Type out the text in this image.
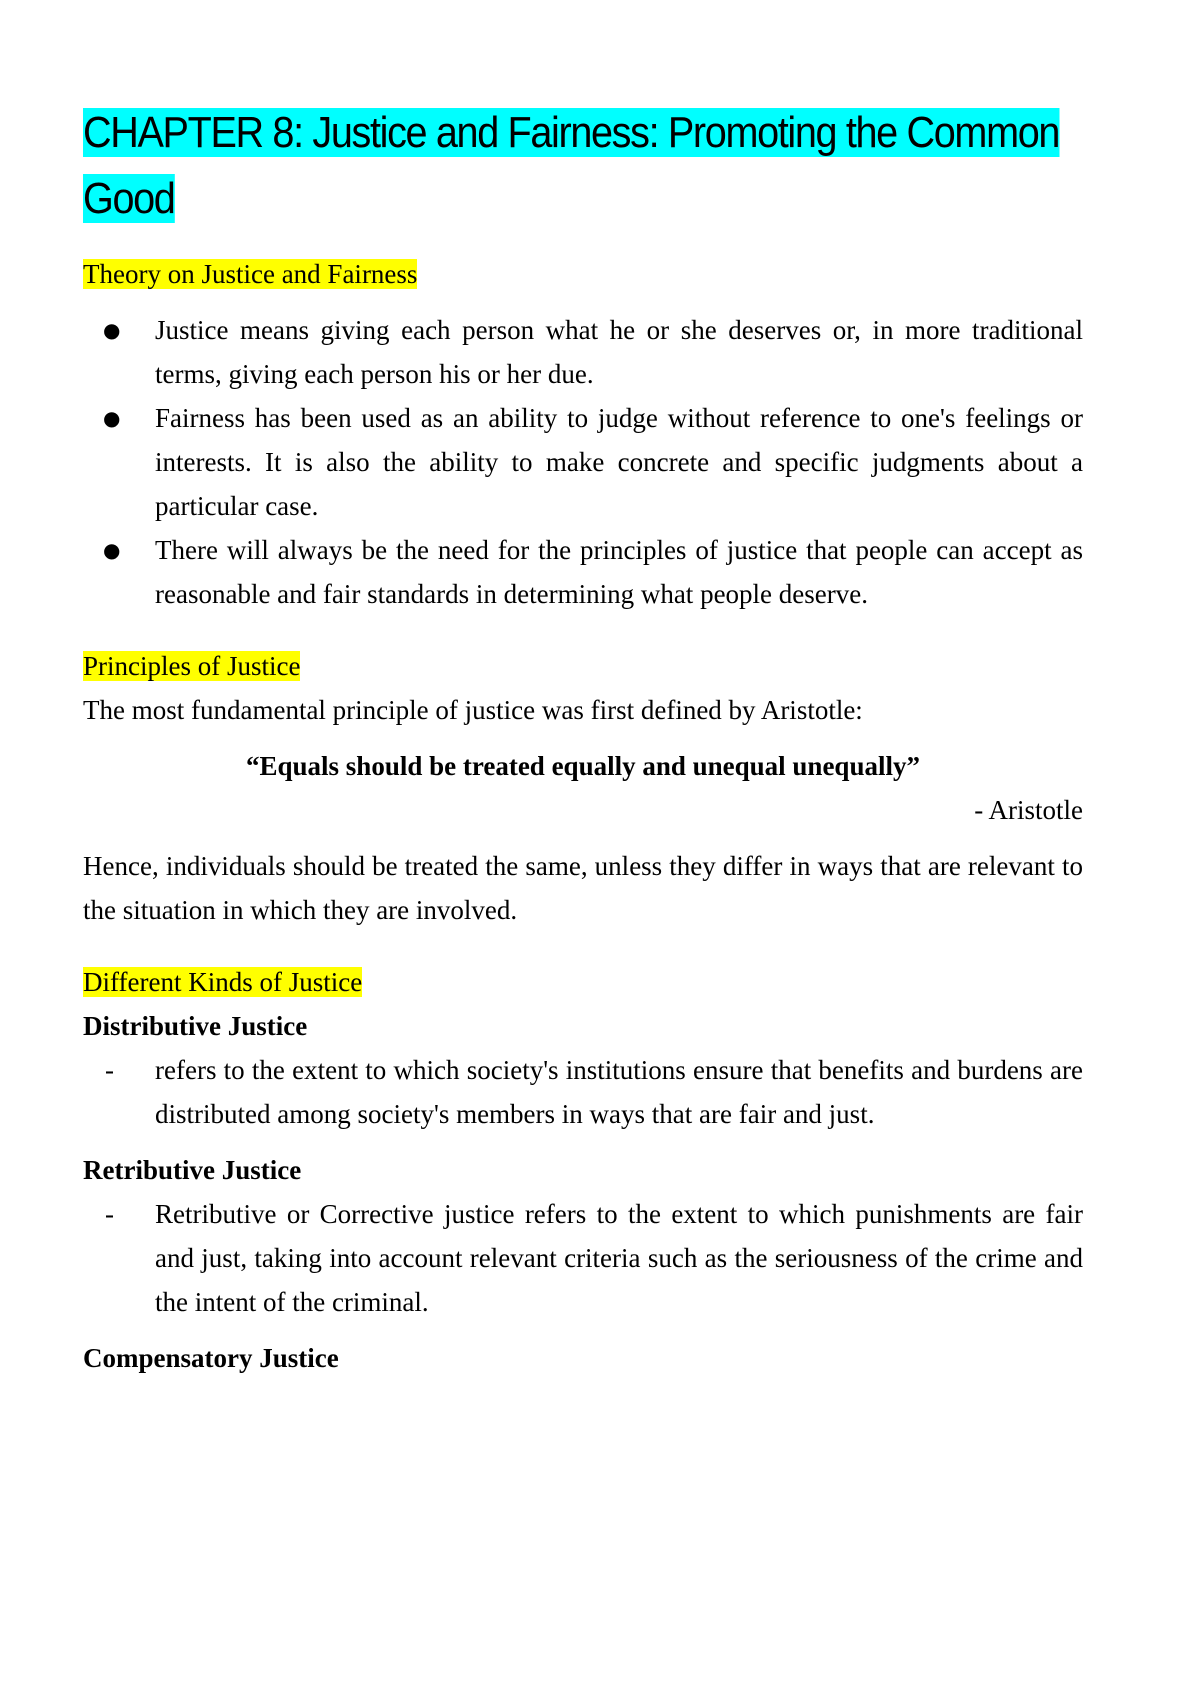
CHAPTER 8: Justice and Fairness: Promoting the Common Good

Theory on Justice and Fairness

● Justice means giving each person what he or she deserves or, in more traditional terms, giving each person his or her due.
● Fairness has been used as an ability to judge without reference to one's feelings or interests. It is also the ability to make concrete and specific judgments about a particular case.
● There will always be the need for the principles of justice that people can accept as reasonable and fair standards in determining what people deserve.

Principles of Justice

The most fundamental principle of justice was first defined by Aristotle:

“Equals should be treated equally and unequal unequally”

- Aristotle

Hence, individuals should be treated the same, unless they differ in ways that are relevant to the situation in which they are involved.

Different Kinds of Justice

Distributive Justice

- refers to the extent to which society's institutions ensure that benefits and burdens are distributed among society's members in ways that are fair and just.

Retributive Justice

- Retributive or Corrective justice refers to the extent to which punishments are fair and just, taking into account relevant criteria such as the seriousness of the crime and the intent of the criminal.

Compensatory Justice
